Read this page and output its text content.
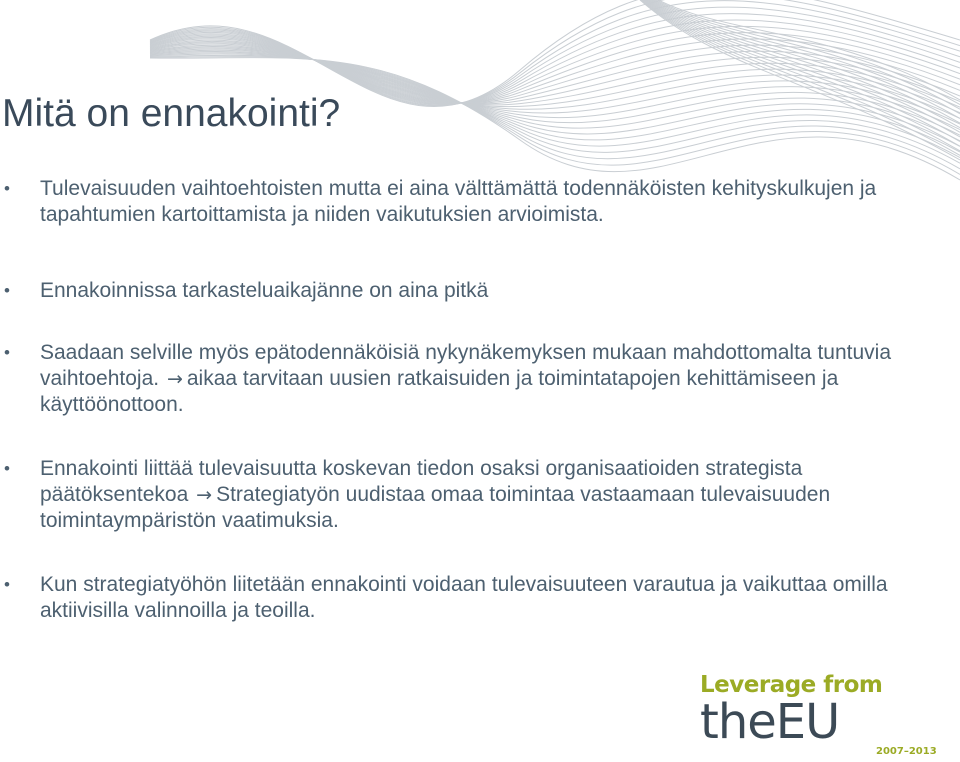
Mitä on ennakointi?
• Tulevaisuuden vaihtoehtoisten mutta ei aina välttämättä todennäköisten kehityskulkujen ja tapahtumien kartoittamista ja niiden vaikutuksien arvioimista.
• Ennakoinnissa tarkasteluaikajänne on aina pitkä
• Saadaan selville myös epätodennäköisiä nykynäkemyksen mukaan mahdottomalta tuntuvia vaihtoehtoja. → aikaa tarvitaan uusien ratkaisuiden ja toimintatapojen kehittämiseen ja käyttöönottoon.
• Ennakointi liittää tulevaisuutta koskevan tiedon osaksi organisaatioiden strategista päätöksentekoa → Strategiatyön uudistaa omaa toimintaa vastaamaan tulevaisuuden toimintaympäristön vaatimuksia.
• Kun strategiatyöhön liitetään ennakointi voidaan tulevaisuuteen varautua ja vaikuttaa omilla aktiivisilla valinnoilla ja teoilla.
Leverage from
theEU
2007–2013
